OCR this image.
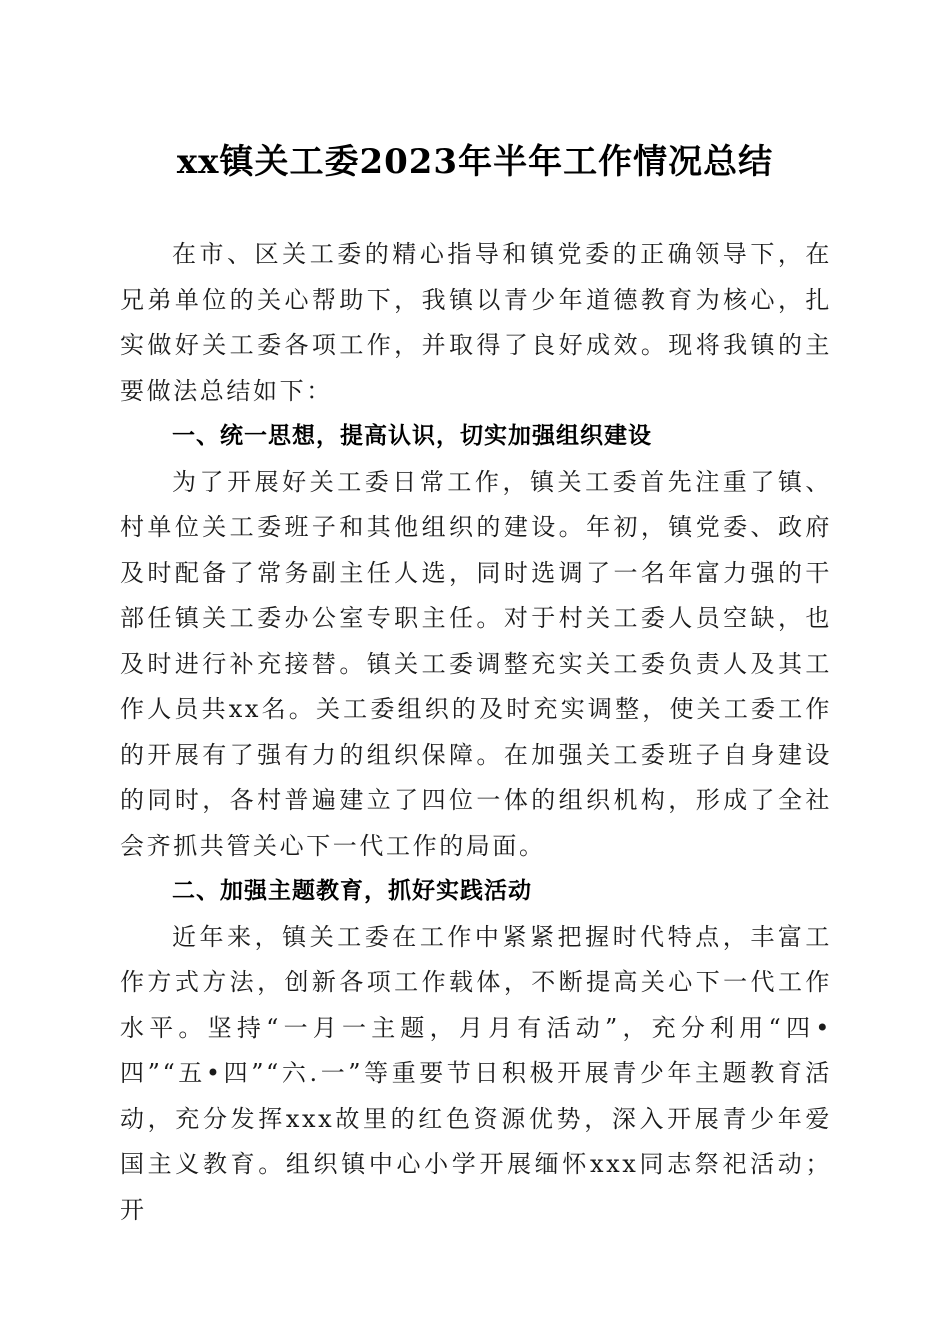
xx镇关工委2023年半年工作情况总结

在市、区关工委的精心指导和镇党委的正确领导下，在兄弟单位的关心帮助下，我镇以青少年道德教育为核心，扎实做好关工委各项工作，并取得了良好成效。现将我镇的主要做法总结如下：

一、统一思想，提高认识，切实加强组织建设

为了开展好关工委日常工作，镇关工委首先注重了镇、村单位关工委班子和其他组织的建设。年初，镇党委、政府及时配备了常务副主任人选，同时选调了一名年富力强的干部任镇关工委办公室专职主任。对于村关工委人员空缺，也及时进行补充接替。镇关工委调整充实关工委负责人及其工作人员共xx名。关工委组织的及时充实调整，使关工委工作的开展有了强有力的组织保障。在加强关工委班子自身建设的同时，各村普遍建立了四位一体的组织机构，形成了全社会齐抓共管关心下一代工作的局面。

二、加强主题教育，抓好实践活动

近年来，镇关工委在工作中紧紧把握时代特点，丰富工作方式方法，创新各项工作载体，不断提高关心下一代工作水平。坚持“一月一主题，月月有活动”，充分利用“四•四”“五•四”“六.一”等重要节日积极开展青少年主题教育活动，充分发挥xxx故里的红色资源优势，深入开展青少年爱国主义教育。组织镇中心小学开展缅怀xxx同志祭祀活动；开
